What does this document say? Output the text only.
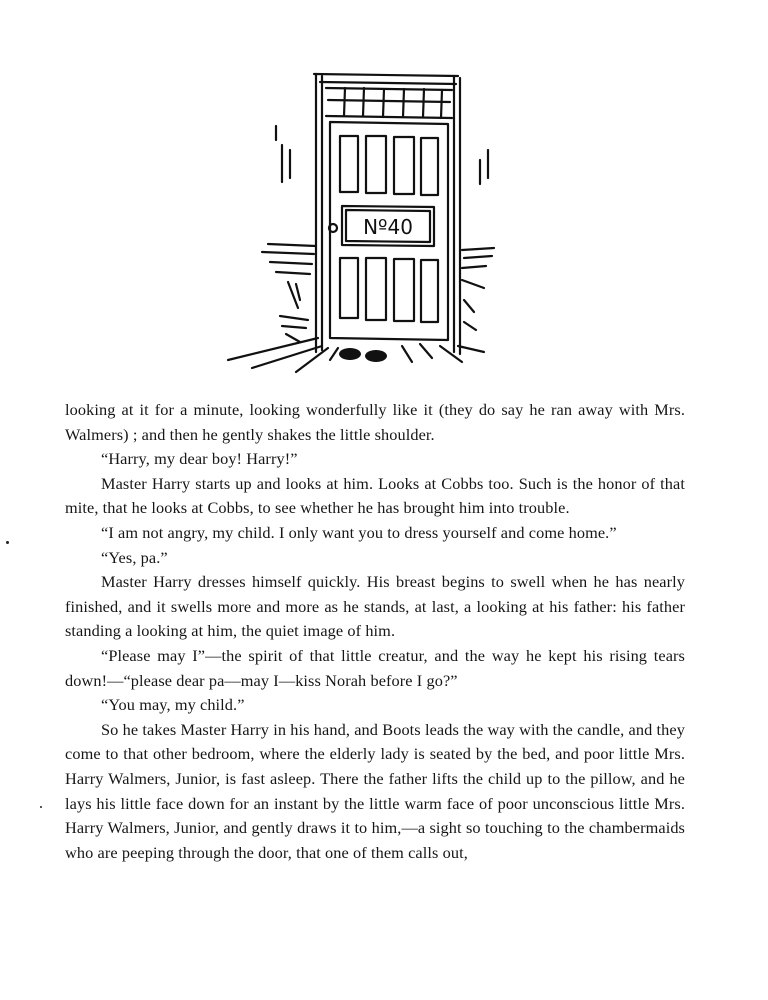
Nº40

looking at it for a minute, looking wonderfully like it (they do say he ran away with Mrs. Walmers) ; and then he gently shakes the little shoulder.

“Harry, my dear boy! Harry!”

Master Harry starts up and looks at him. Looks at Cobbs too. Such is the honor of that mite, that he looks at Cobbs, to see whether he has brought him into trouble.

“I am not angry, my child. I only want you to dress yourself and come home.”

“Yes, pa.”

Master Harry dresses himself quickly. His breast begins to swell when he has nearly finished, and it swells more and more as he stands, at last, a looking at his father: his father standing a looking at him, the quiet image of him.

“Please may I”—the spirit of that little creatur, and the way he kept his rising tears down!—“please dear pa—may I—kiss Norah before I go?”

“You may, my child.”

So he takes Master Harry in his hand, and Boots leads the way with the candle, and they come to that other bedroom, where the elderly lady is seated by the bed, and poor little Mrs. Harry Walmers, Junior, is fast asleep. There the father lifts the child up to the pillow, and he lays his little face down for an instant by the little warm face of poor unconscious little Mrs. Harry Walmers, Junior, and gently draws it to him,—a sight so touching to the chambermaids who are peeping through the door, that one of them calls out,
